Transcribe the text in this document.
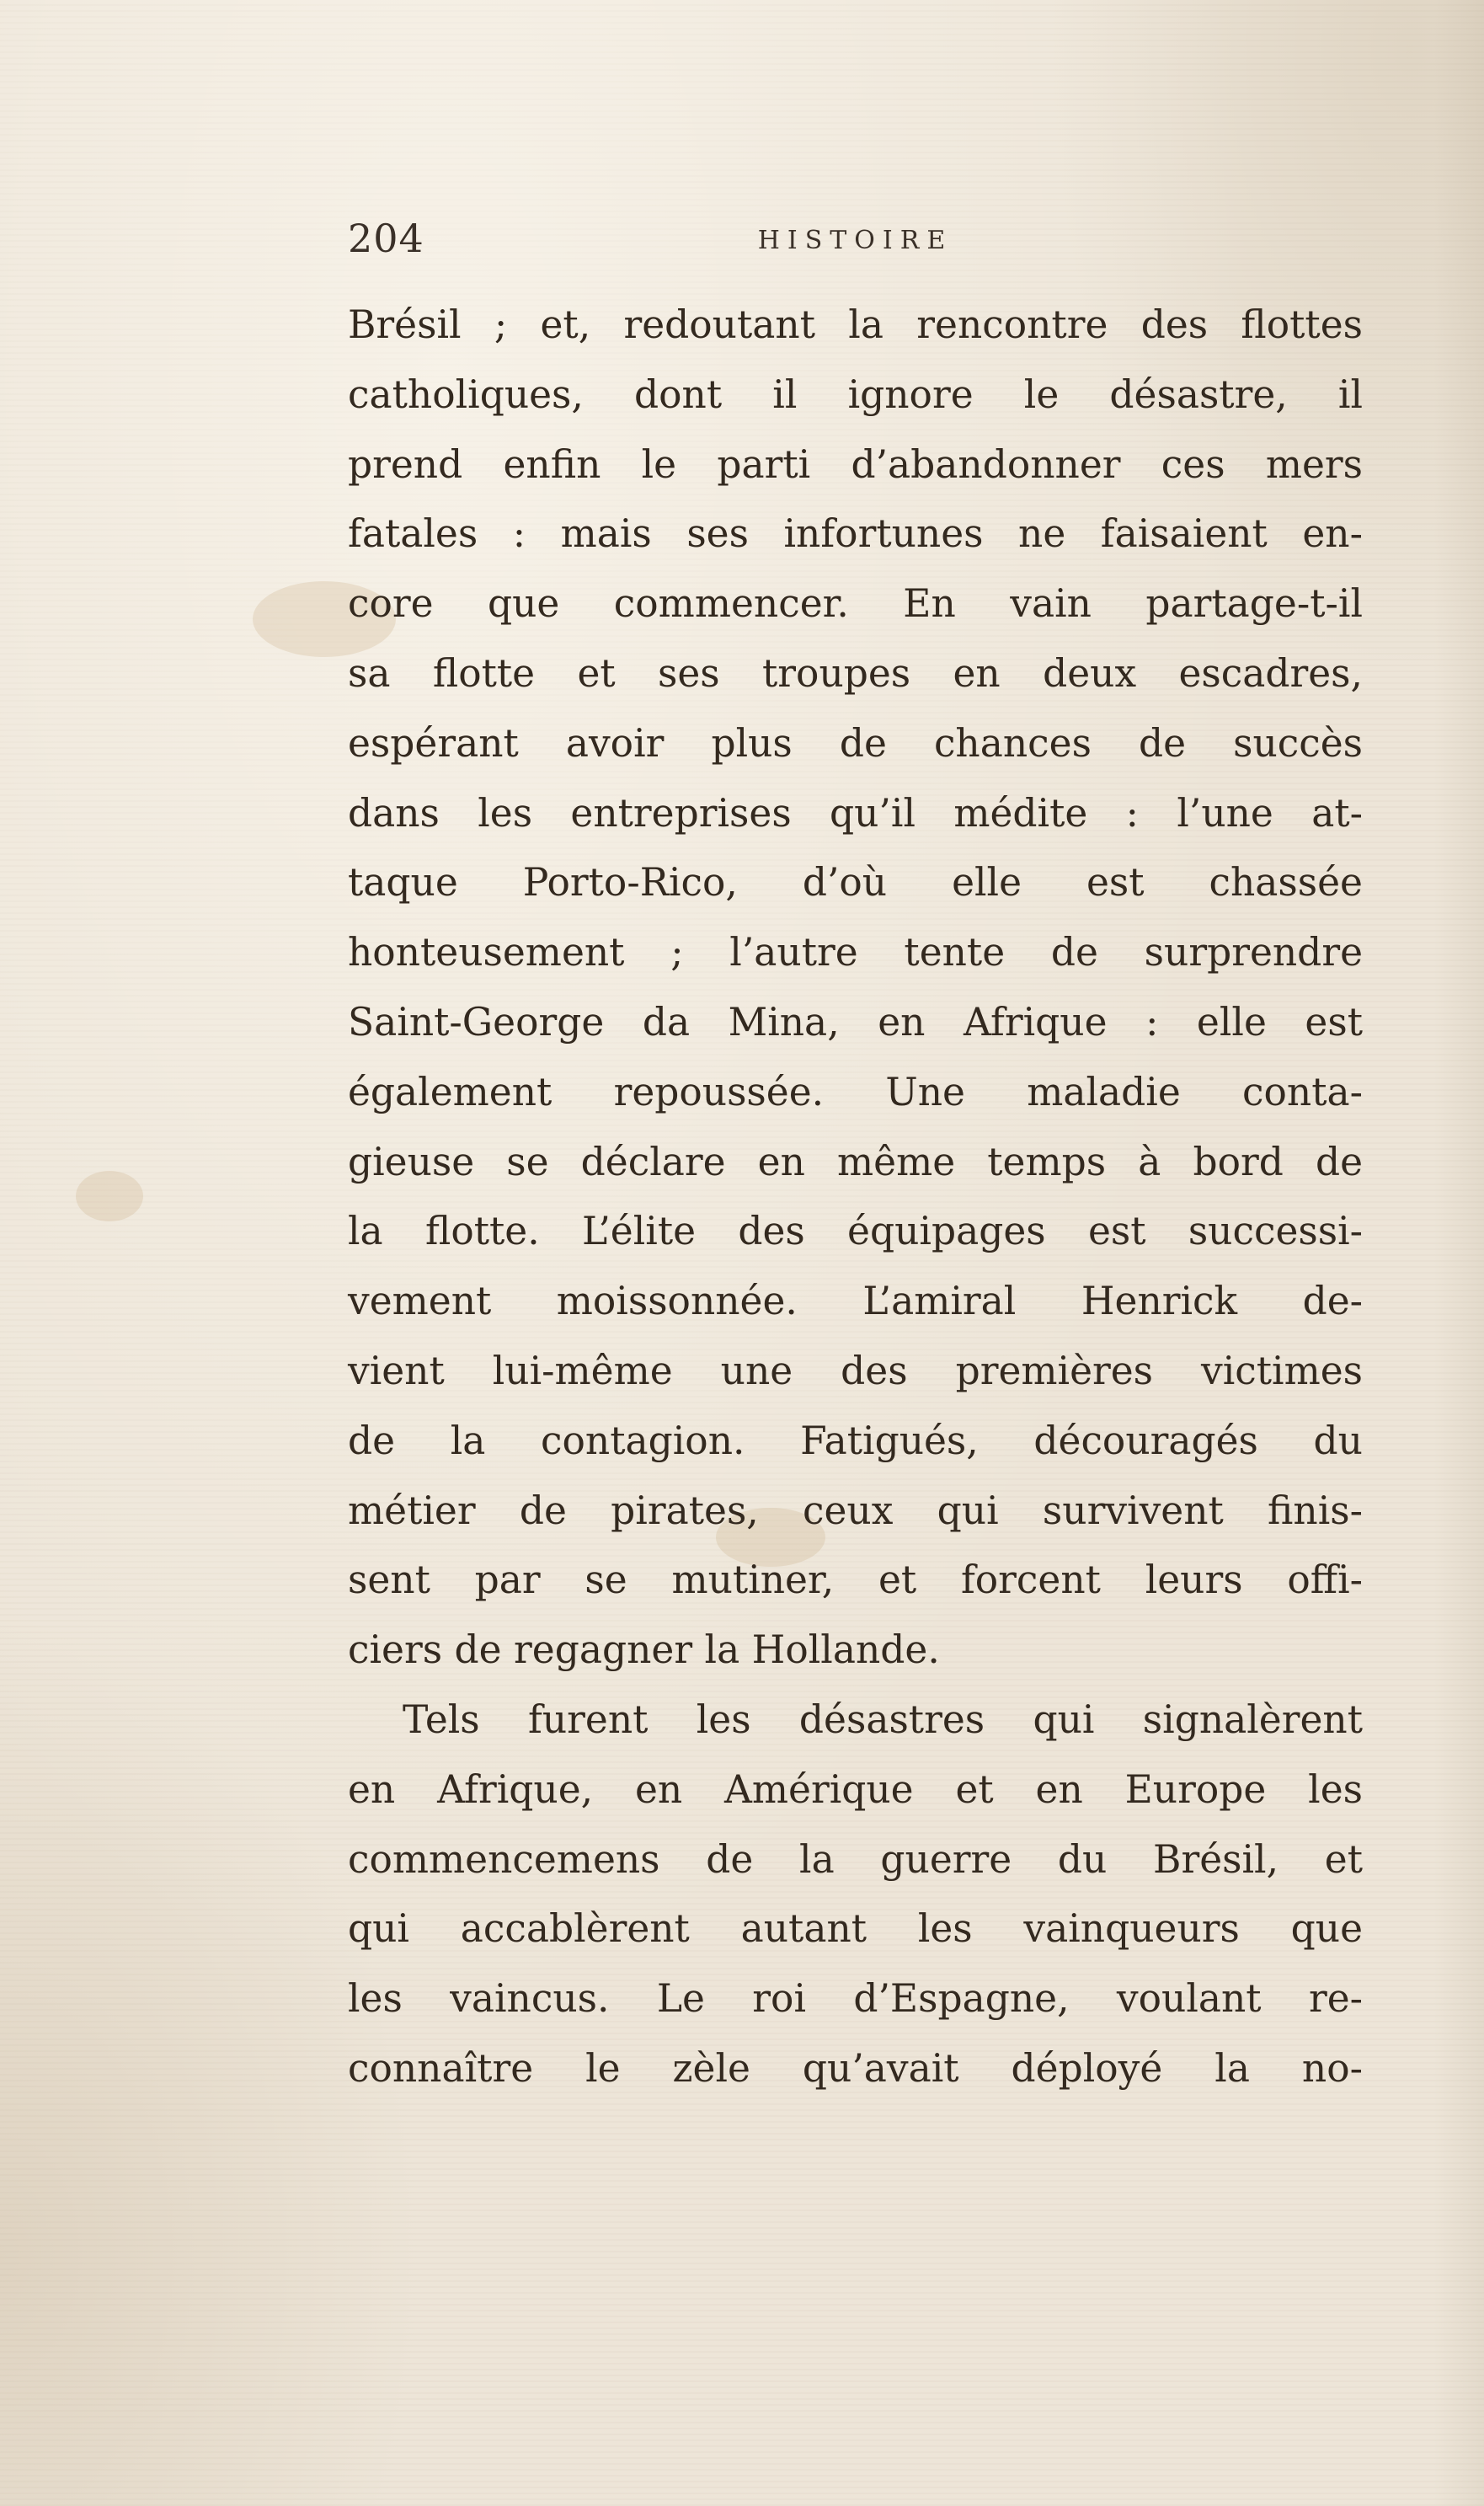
204	HISTOIRE
Brésil ; et, redoutant la rencontre des flottes
catholiques, dont il ignore le désastre, il
prend enfin le parti d’abandonner ces mers
fatales : mais ses infortunes ne faisaient en-
core que commencer. En vain partage-t-il
sa flotte et ses troupes en deux escadres,
espérant avoir plus de chances de succès
dans les entreprises qu’il médite : l’une at-
taque Porto-Rico, d’où elle est chassée
honteusement ; l’autre tente de surprendre
Saint-George da Mina, en Afrique : elle est
également repoussée. Une maladie conta-
gieuse se déclare en même temps à bord de
la flotte. L’élite des équipages est successi-
vement moissonnée. L’amiral Henrick de-
vient lui-même une des premières victimes
de la contagion. Fatigués, découragés du
métier de pirates, ceux qui survivent finis-
sent par se mutiner, et forcent leurs offi-
ciers de regagner la Hollande.
Tels furent les désastres qui signalèrent
en Afrique, en Amérique et en Europe les
commencemens de la guerre du Brésil, et
qui accablèrent autant les vainqueurs que
les vaincus. Le roi d’Espagne, voulant re-
connaître le zèle qu’avait déployé la no-
